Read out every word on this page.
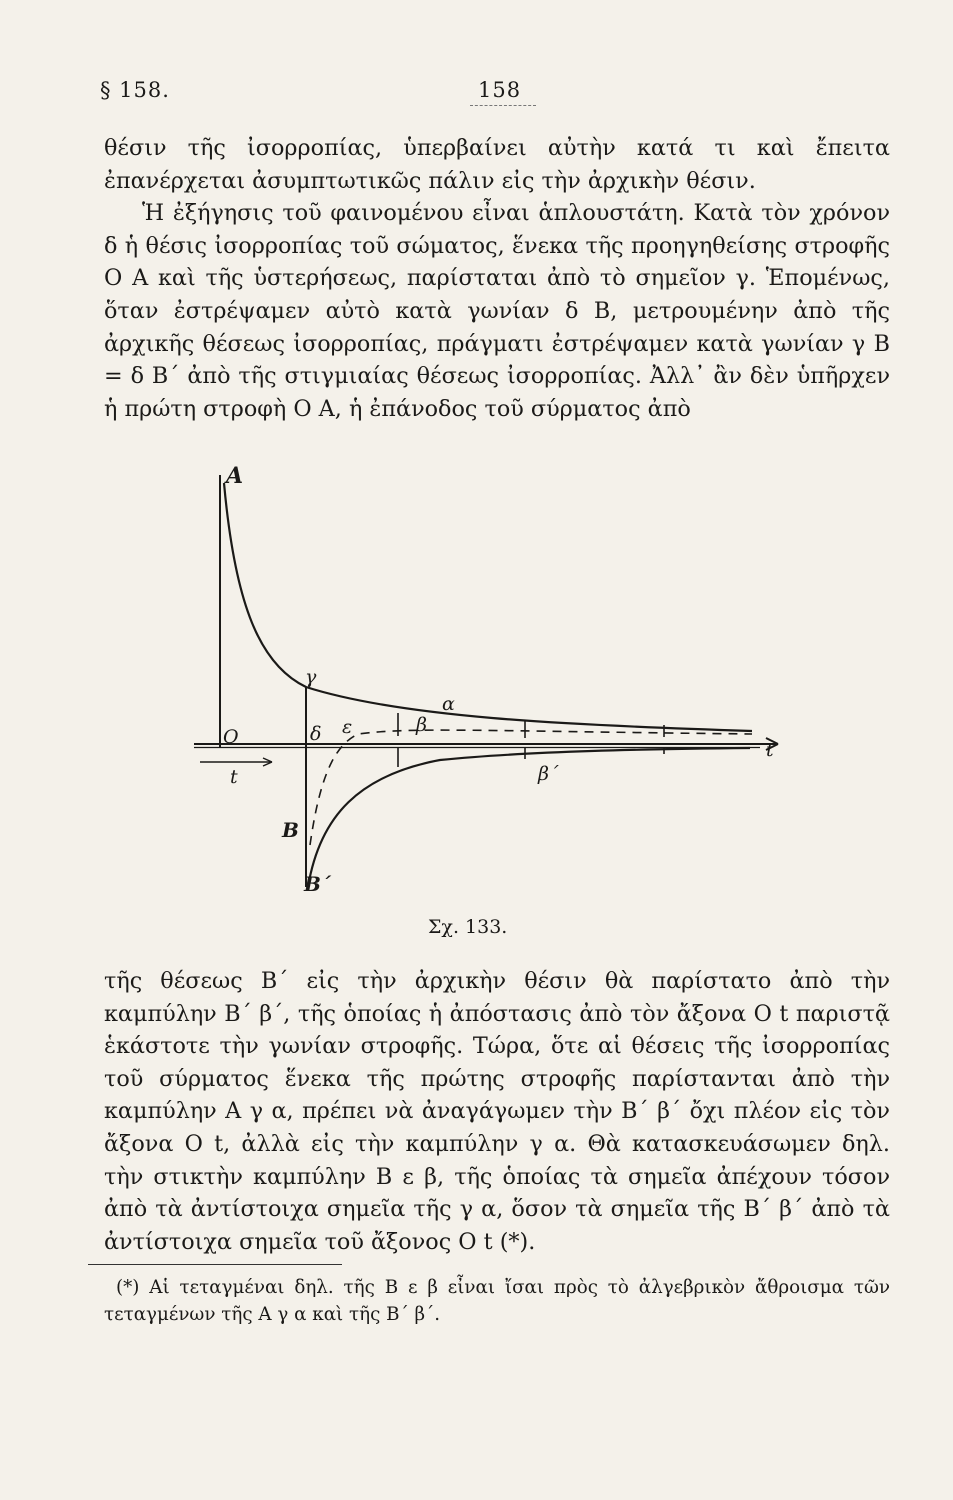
§ 158.	158

θέσιν τῆς ἰσορροπίας, ὑπερβαίνει αὐτὴν κατά τι καὶ ἔπειτα ἐπανέρχεται ἀσυμπτωτικῶς πάλιν εἰς τὴν ἀρχικὴν θέσιν.

Ἡ ἐξήγησις τοῦ φαινομένου εἶναι ἁπλουστάτη. Κατὰ τὸν χρόνον δ ἡ θέσις ἰσορροπίας τοῦ σώματος, ἕνεκα τῆς προηγηθείσης στροφῆς O A καὶ τῆς ὑστερήσεως, παρίσταται ἀπὸ τὸ σημεῖον γ. Ἑπομένως, ὅταν ἐστρέψαμεν αὐτὸ κατὰ γωνίαν δ B, μετρουμένην ἀπὸ τῆς ἀρχικῆς θέσεως ἰσορροπίας, πράγματι ἐστρέψαμεν κατὰ γωνίαν γ B = δ B΄ ἀπὸ τῆς στιγμιαίας θέσεως ἰσορροπίας. Ἀλλ᾽ ἂν δὲν ὑπῆρχεν ἡ πρώτη στροφὴ O A, ἡ ἐπάνοδος τοῦ σύρματος ἀπὸ

A
O
t
t
γ
δ ε	β
α
β΄
B
B΄
Σχ. 133.

τῆς θέσεως B΄ εἰς τὴν ἀρχικὴν θέσιν θὰ παρίστατο ἀπὸ τὴν καμπύλην B΄ β΄, τῆς ὁποίας ἡ ἀπόστασις ἀπὸ τὸν ἄξονα O t παριστᾷ ἑκάστοτε τὴν γωνίαν στροφῆς. Τώρα, ὅτε αἱ θέσεις τῆς ἰσορροπίας τοῦ σύρματος ἕνεκα τῆς πρώτης στροφῆς παρίστανται ἀπὸ τὴν καμπύλην A γ α, πρέπει νὰ ἀναγάγωμεν τὴν B΄ β΄ ὄχι πλέον εἰς τὸν ἄξονα O t, ἀλλὰ εἰς τὴν καμπύλην γ α. Θὰ κατασκευάσωμεν δηλ. τὴν στικτὴν καμπύλην B ε β, τῆς ὁποίας τὰ σημεῖα ἀπέχουν τόσον ἀπὸ τὰ ἀντίστοιχα σημεῖα τῆς γ α, ὅσον τὰ σημεῖα τῆς B΄ β΄ ἀπὸ τὰ ἀντίστοιχα σημεῖα τοῦ ἄξονος O t (*).

(*) Αἱ τεταγμέναι δηλ. τῆς B ε β εἶναι ἴσαι πρὸς τὸ ἀλγεβρικὸν ἄθροισμα τῶν τεταγμένων τῆς A γ α καὶ τῆς B΄ β΄.
